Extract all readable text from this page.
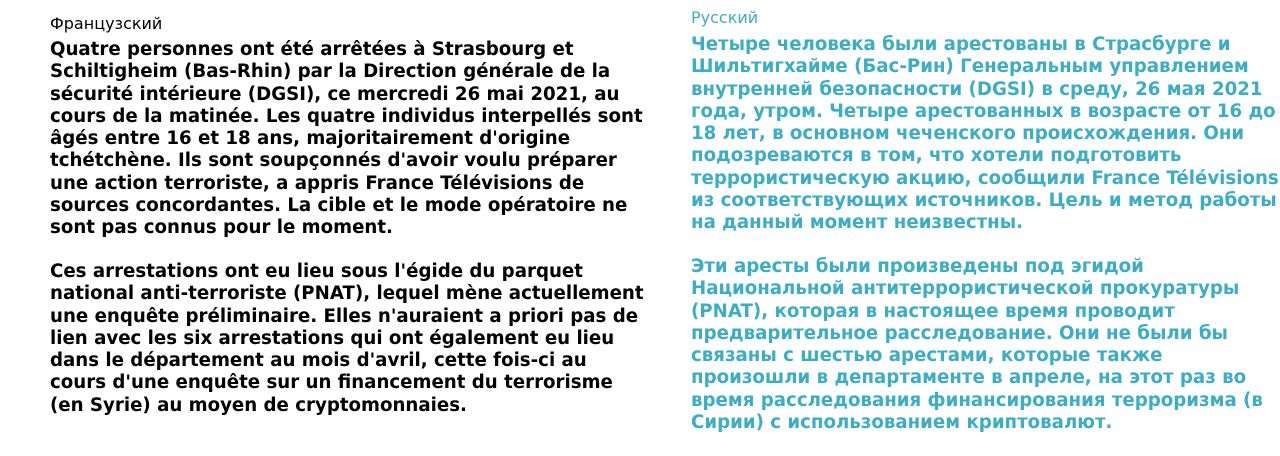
Французский
Quatre personnes ont été arrêtées à Strasbourg et
Schiltigheim (Bas-Rhin) par la Direction générale de la
sécurité intérieure (DGSI), ce mercredi 26 mai 2021, au
cours de la matinée. Les quatre individus interpellés sont
âgés entre 16 et 18 ans, majoritairement d'origine
tchétchène. Ils sont soupçonnés d'avoir voulu préparer
une action terroriste, a appris France Télévisions de
sources concordantes. La cible et le mode opératoire ne
sont pas connus pour le moment.
Ces arrestations ont eu lieu sous l'égide du parquet
national anti-terroriste (PNAT), lequel mène actuellement
une enquête préliminaire. Elles n'auraient a priori pas de
lien avec les six arrestations qui ont également eu lieu
dans le département au mois d'avril, cette fois-ci au
cours d'une enquête sur un financement du terrorisme
(en Syrie) au moyen de cryptomonnaies.
Русский
Четыре человека были арестованы в Страсбурге и
Шильтигхайме (Бас-Рин) Генеральным управлением
внутренней безопасности (DGSI) в среду, 26 мая 2021
года, утром. Четыре арестованных в возрасте от 16 до
18 лет, в основном чеченского происхождения. Они
подозреваются в том, что хотели подготовить
террористическую акцию, сообщили France Télévisions
из соответствующих источников. Цель и метод работы
на данный момент неизвестны.
Эти аресты были произведены под эгидой
Национальной антитеррористической прокуратуры
(PNAT), которая в настоящее время проводит
предварительное расследование. Они не были бы
связаны с шестью арестами, которые также
произошли в департаменте в апреле, на этот раз во
время расследования финансирования терроризма (в
Сирии) с использованием криптовалют.
